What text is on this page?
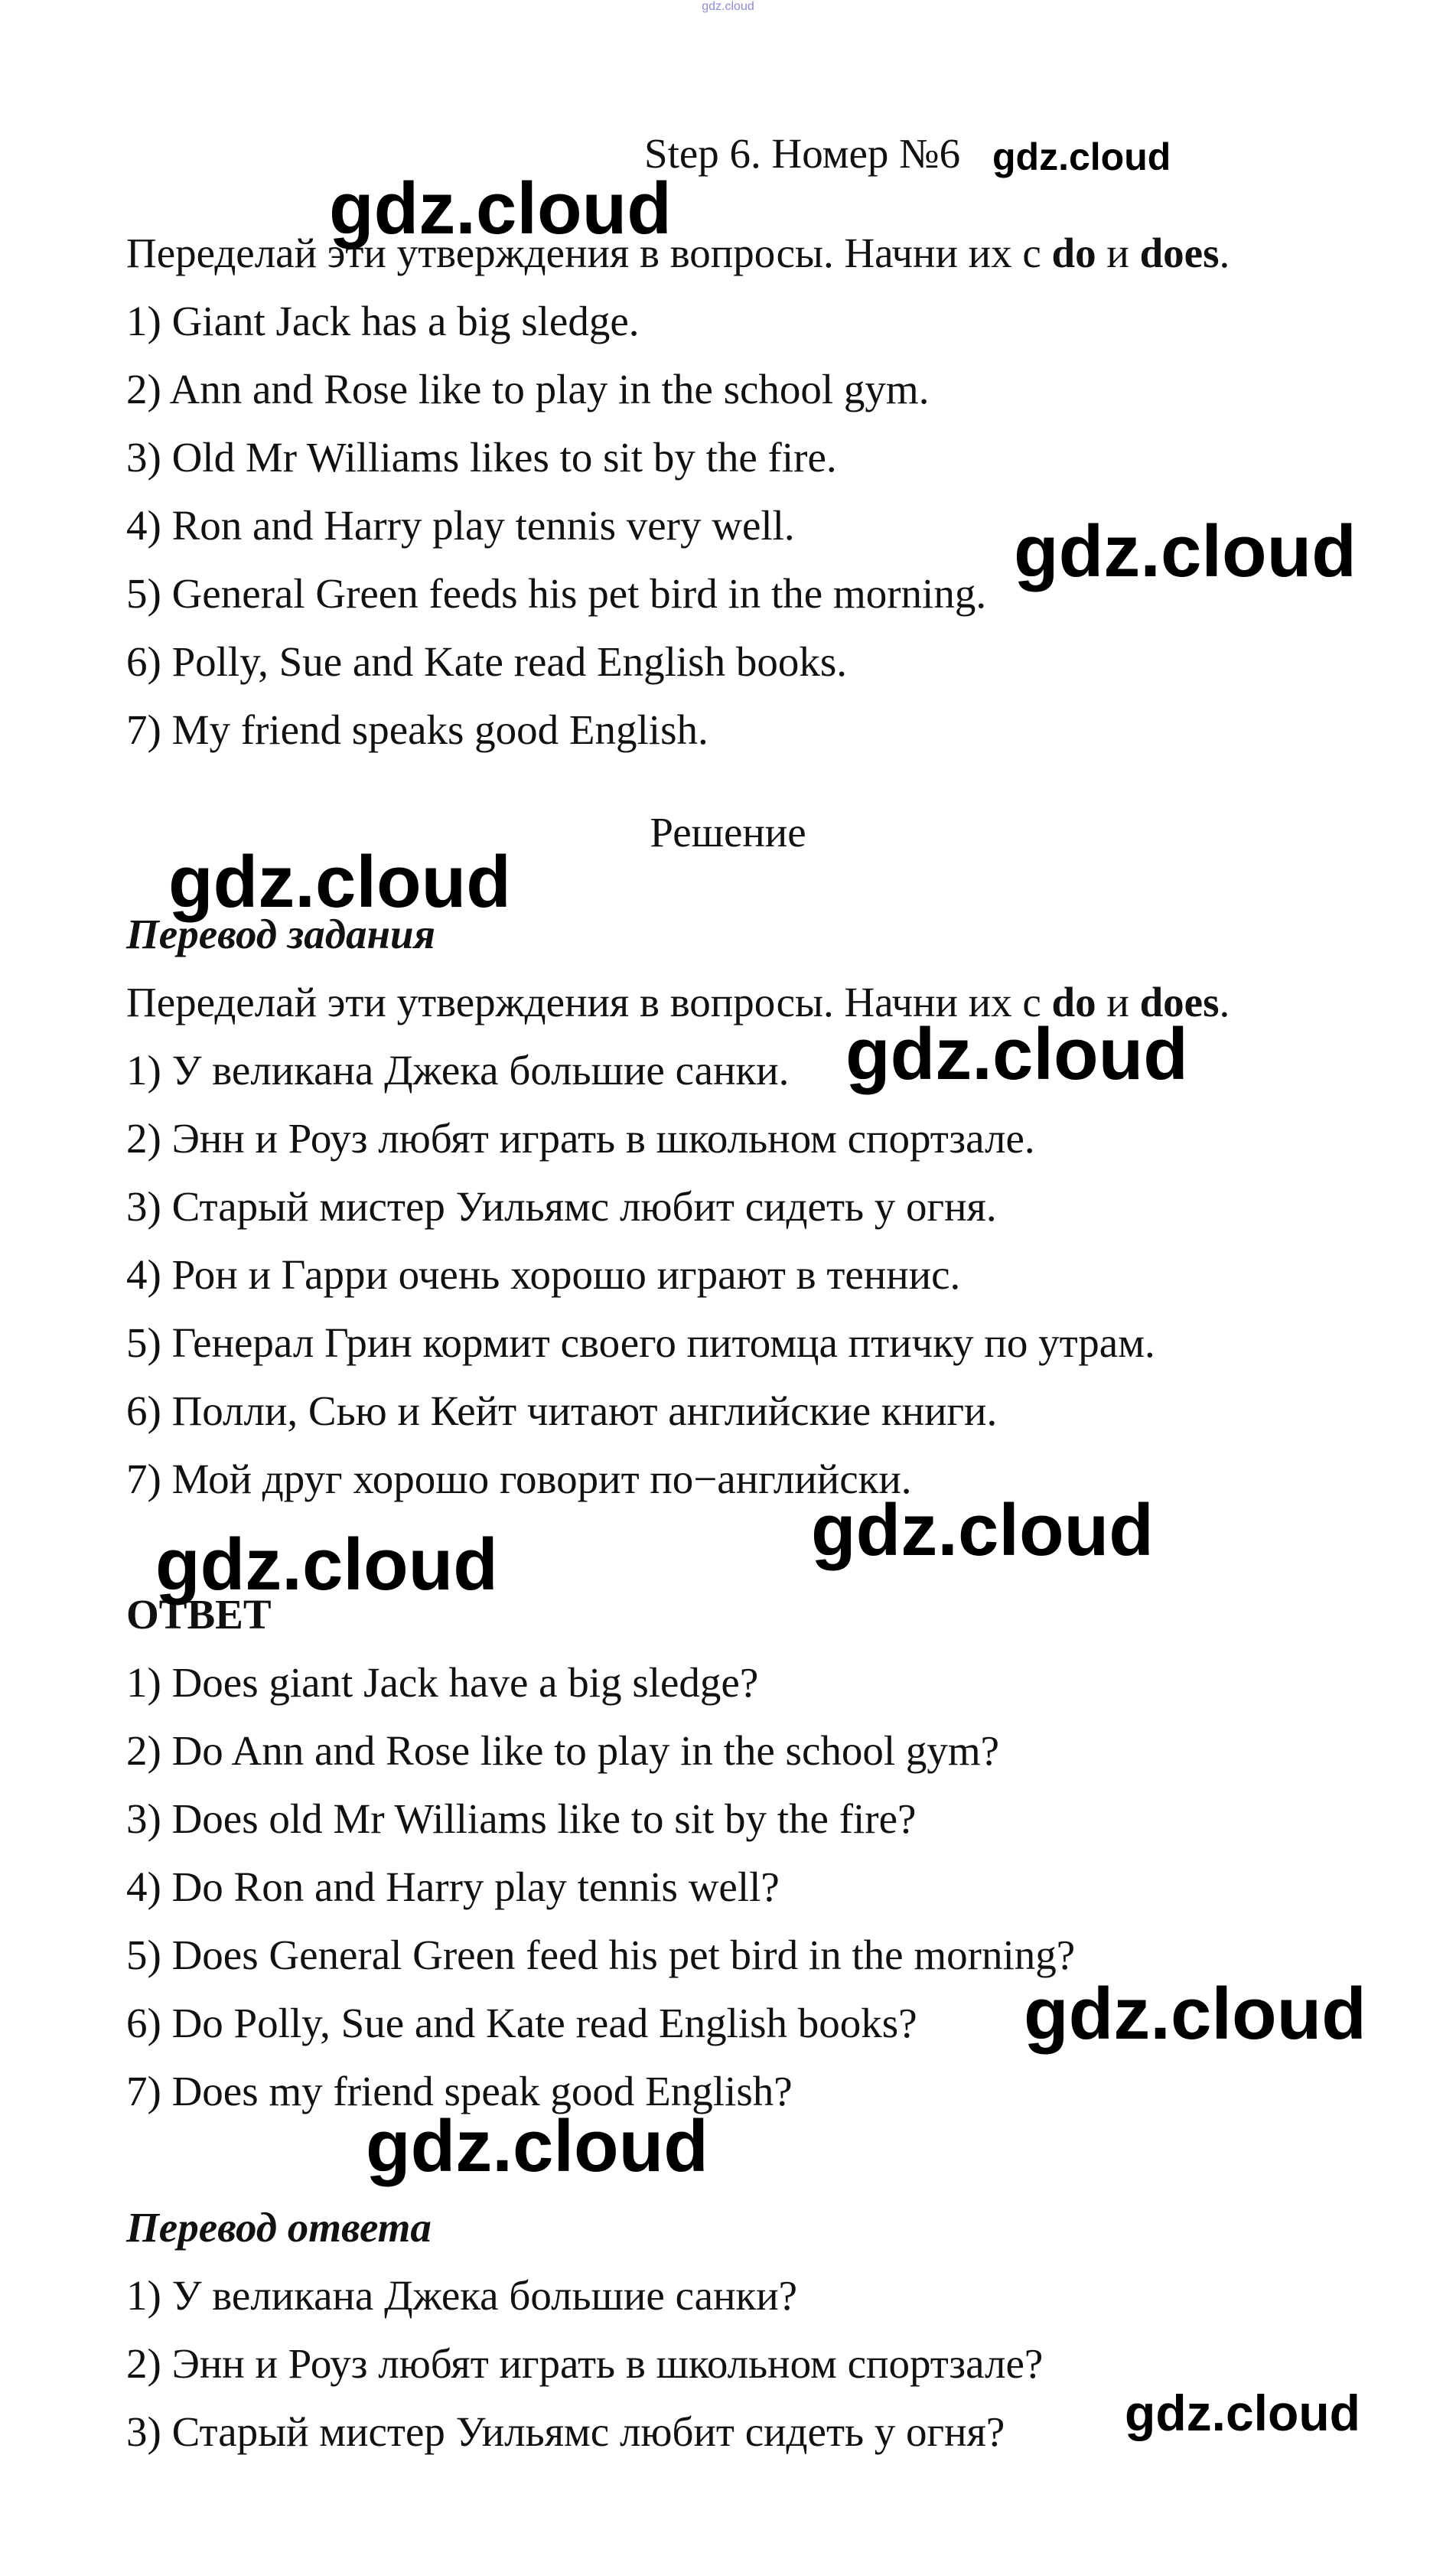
gdz.cloud
Step 6. Номер №6
Переделай эти утверждения в вопросы. Начни их с do и does.
1) Giant Jack has a big sledge.
2) Ann and Rose like to play in the school gym.
3) Old Mr Williams likes to sit by the fire.
4) Ron and Harry play tennis very well.
5) General Green feeds his pet bird in the morning.
6) Polly, Sue and Kate read English books.
7) My friend speaks good English.
Решение
Перевод задания
Переделай эти утверждения в вопросы. Начни их с do и does.
1) У великана Джека большие санки.
2) Энн и Роуз любят играть в школьном спортзале.
3) Старый мистер Уильямс любит сидеть у огня.
4) Рон и Гарри очень хорошо играют в теннис.
5) Генерал Грин кормит своего питомца птичку по утрам.
6) Полли, Сью и Кейт читают английские книги.
7) Мой друг хорошо говорит по−английски.
ОТВЕТ
1) Does giant Jack have a big sledge?
2) Do Ann and Rose like to play in the school gym?
3) Does old Mr Williams like to sit by the fire?
4) Do Ron and Harry play tennis well?
5) Does General Green feed his pet bird in the morning?
6) Do Polly, Sue and Kate read English books?
7) Does my friend speak good English?
Перевод ответа
1) У великана Джека большие санки?
2) Энн и Роуз любят играть в школьном спортзале?
3) Старый мистер Уильямс любит сидеть у огня?
gdz.cloud
gdz.cloud
gdz.cloud
gdz.cloud
gdz.cloud
gdz.cloud
gdz.cloud
gdz.cloud
gdz.cloud
gdz.cloud
